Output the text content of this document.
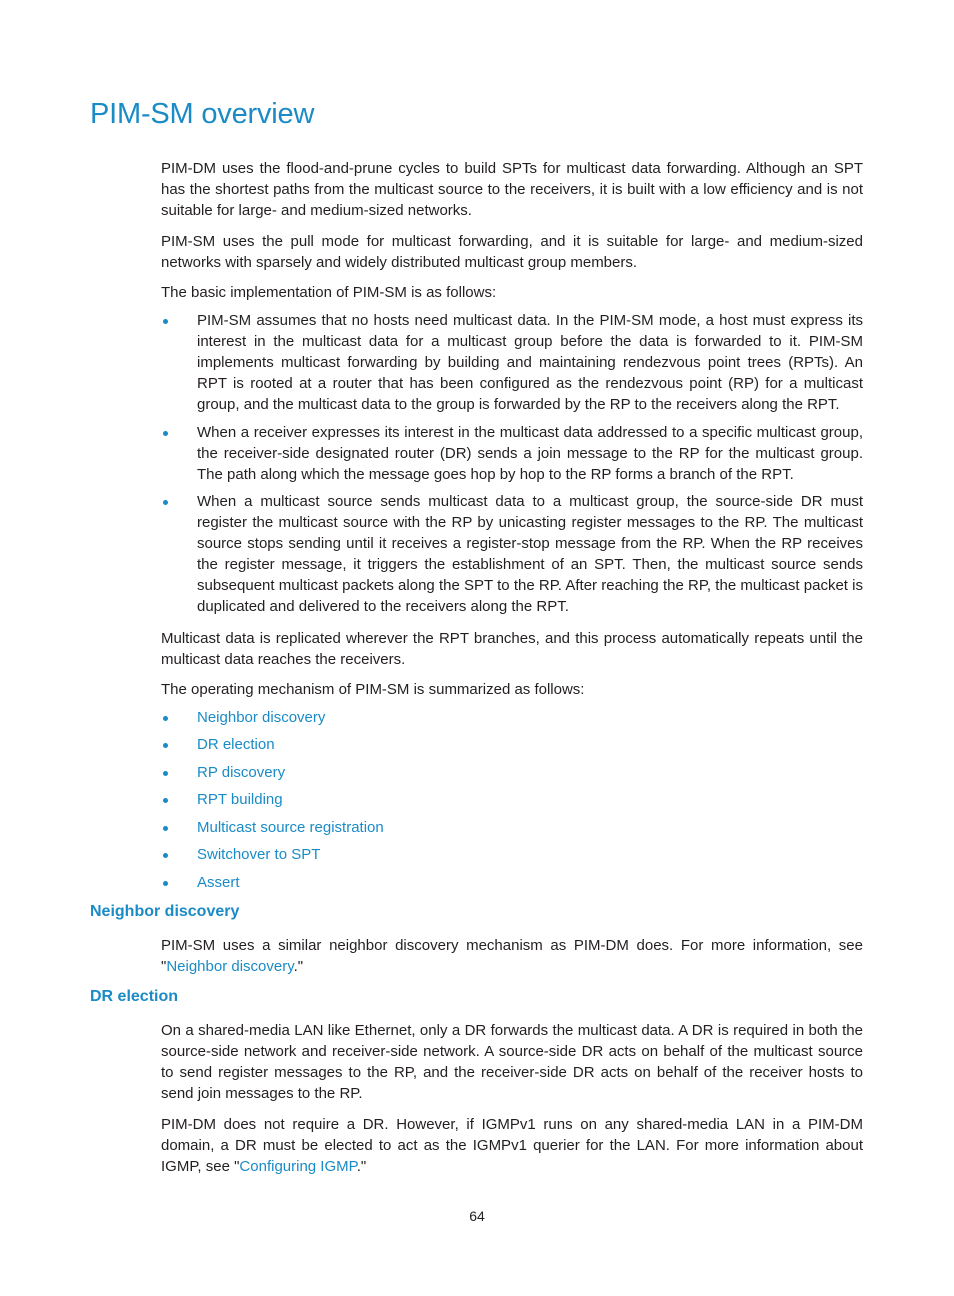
PIM-SM overview

PIM-DM uses the flood-and-prune cycles to build SPTs for multicast data forwarding. Although an SPT has the shortest paths from the multicast source to the receivers, it is built with a low efficiency and is not suitable for large- and medium-sized networks.

PIM-SM uses the pull mode for multicast forwarding, and it is suitable for large- and medium-sized networks with sparsely and widely distributed multicast group members.

The basic implementation of PIM-SM is as follows:

PIM-SM assumes that no hosts need multicast data. In the PIM-SM mode, a host must express its interest in the multicast data for a multicast group before the data is forwarded to it. PIM-SM implements multicast forwarding by building and maintaining rendezvous point trees (RPTs). An RPT is rooted at a router that has been configured as the rendezvous point (RP) for a multicast group, and the multicast data to the group is forwarded by the RP to the receivers along the RPT.
When a receiver expresses its interest in the multicast data addressed to a specific multicast group, the receiver-side designated router (DR) sends a join message to the RP for the multicast group. The path along which the message goes hop by hop to the RP forms a branch of the RPT.
When a multicast source sends multicast data to a multicast group, the source-side DR must register the multicast source with the RP by unicasting register messages to the RP. The multicast source stops sending until it receives a register-stop message from the RP. When the RP receives the register message, it triggers the establishment of an SPT. Then, the multicast source sends subsequent multicast packets along the SPT to the RP. After reaching the RP, the multicast packet is duplicated and delivered to the receivers along the RPT.

Multicast data is replicated wherever the RPT branches, and this process automatically repeats until the multicast data reaches the receivers.

The operating mechanism of PIM-SM is summarized as follows:

Neighbor discovery
DR election
RP discovery
RPT building
Multicast source registration
Switchover to SPT
Assert
Neighbor discovery

PIM-SM uses a similar neighbor discovery mechanism as PIM-DM does. For more information, see "Neighbor discovery."

DR election

On a shared-media LAN like Ethernet, only a DR forwards the multicast data. A DR is required in both the source-side network and receiver-side network. A source-side DR acts on behalf of the multicast source to send register messages to the RP, and the receiver-side DR acts on behalf of the receiver hosts to send join messages to the RP.

PIM-DM does not require a DR. However, if IGMPv1 runs on any shared-media LAN in a PIM-DM domain, a DR must be elected to act as the IGMPv1 querier for the LAN. For more information about IGMP, see "Configuring IGMP."

64
